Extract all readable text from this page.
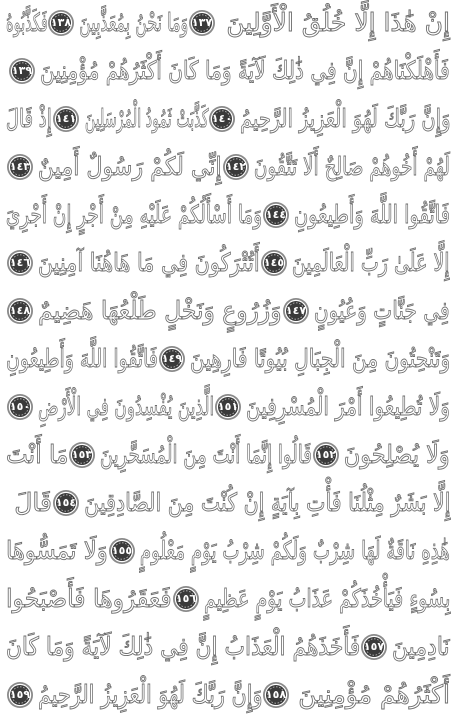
إِنْ هَٰذَا إِلَّا خُلُقُ الْأَوَّلِينَ
١٣٧
وَمَا نَحْنُ بِمُعَذَّبِينَ
١٣٨
فَكَذَّبُوهُ
فَأَهْلَكْنَاهُمْ إِنَّ فِي ذَٰلِكَ لَآيَةً وَمَا كَانَ أَكْثَرُهُمْ مُؤْمِنِينَ
١٣٩
وَإِنَّ رَبَّكَ لَهُوَ الْعَزِيزُ الرَّحِيمُ
١٤٠
كَذَّبَتْ ثَمُودُ الْمُرْسَلِينَ
١٤١
إِذْ قَالَ
لَهُمْ أَخُوهُمْ صَالِحٌ أَلَا تَتَّقُونَ
١٤٢
إِنِّي لَكُمْ رَسُولٌ أَمِينٌ
١٤٣
فَاتَّقُوا اللَّهَ وَأَطِيعُونِ
١٤٤
وَمَا أَسْأَلُكُمْ عَلَيْهِ مِنْ أَجْرٍ إِنْ أَجْرِيَ
إِلَّا عَلَىٰ رَبِّ الْعَالَمِينَ
١٤٥
أَتُتْرَكُونَ فِي مَا هَاهُنَا آمِنِينَ
١٤٦
فِي جَنَّاتٍ وَعُيُونٍ
١٤٧
وَزُرُوعٍ وَنَخْلٍ طَلْعُهَا هَضِيمٌ
١٤٨
وَتَنْحِتُونَ مِنَ الْجِبَالِ بُيُوتًا فَارِهِينَ
١٤٩
فَاتَّقُوا اللَّهَ وَأَطِيعُونِ
وَلَا تُطِيعُوا أَمْرَ الْمُسْرِفِينَ
١٥١
الَّذِينَ يُفْسِدُونَ فِي الْأَرْضِ
١٥٠
وَلَا يُصْلِحُونَ
١٥٢
قَالُوا إِنَّمَا أَنْتَ مِنَ الْمُسَحَّرِينَ
١٥٣
مَا أَنْتَ
إِلَّا بَشَرٌ مِثْلُنَا فَأْتِ بِآيَةٍ إِنْ كُنْتَ مِنَ الصَّادِقِينَ
١٥٤
قَالَ
هَٰذِهِ نَاقَةٌ لَهَا شِرْبٌ وَلَكُمْ شِرْبُ يَوْمٍ مَعْلُومٍ
١٥٥
وَلَا تَمَسُّوهَا
بِسُوءٍ فَيَأْخُذَكُمْ عَذَابُ يَوْمٍ عَظِيمٍ
١٥٦
فَعَقَرُوهَا فَأَصْبَحُوا
نَادِمِينَ
١٥٧
فَأَخَذَهُمُ الْعَذَابُ إِنَّ فِي ذَٰلِكَ لَآيَةً وَمَا كَانَ
أَكْثَرُهُمْ مُؤْمِنِينَ
١٥٨
وَإِنَّ رَبَّكَ لَهُوَ الْعَزِيزُ الرَّحِيمُ
١٥٩
